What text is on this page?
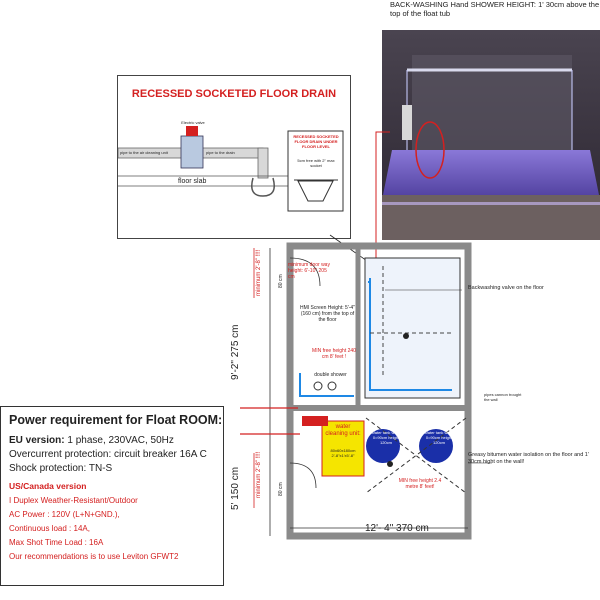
RECESSED SOCKETED FLOOR DRAIN
Electric valve
pipe to the air cleaning unit	pipe to the drain
floor slab
RECESSED SOCKETED FLOOR DRAIN UNDER FLOOR LEVEL
5cm free with 2" max socket
BACK-WASHING Hand SHOWER HEIGHT: 1' 30cm above the top of the float tub
9'-2" 275 cm
5' 150 cm
minimum 2'-8" !!!!
minimum 2'-8" !!!!
80 cm
80 cm
minimum door way height: 6'-10" 205 cm
HMI Screen Height: 5'-4" (160 cm) from the top of the floor
MIN free height 240 cm 8' feet !
double shower
Backwashing valve on the floor
pipes cannon trought the wall
water cleaning unit:
80x60x180cm 2'-8"x1'x5'-8"
Water tank width 0=90cm height 120cm
Water tank width 0=90cm height 120cm
Greasy bitumen water isolation on the floor and 1' 30cm hight on the wall!
MIN free height 2.4 metre 8' feet!
12'- 4" 370 cm
Power requirement for Float ROOM:
EU version: 1 phase, 230VAC, 50Hz
Overcurrent protection: circuit breaker 16A C
Shock protection: TN-S
US/Canada version
I Duplex Weather-Resistant/Outdoor
AC Power : 120V (L+N+GND.),
Continuous load : 14A,
Max Shot Time Load : 16A
Our recommendations is to use Leviton GFWT2
